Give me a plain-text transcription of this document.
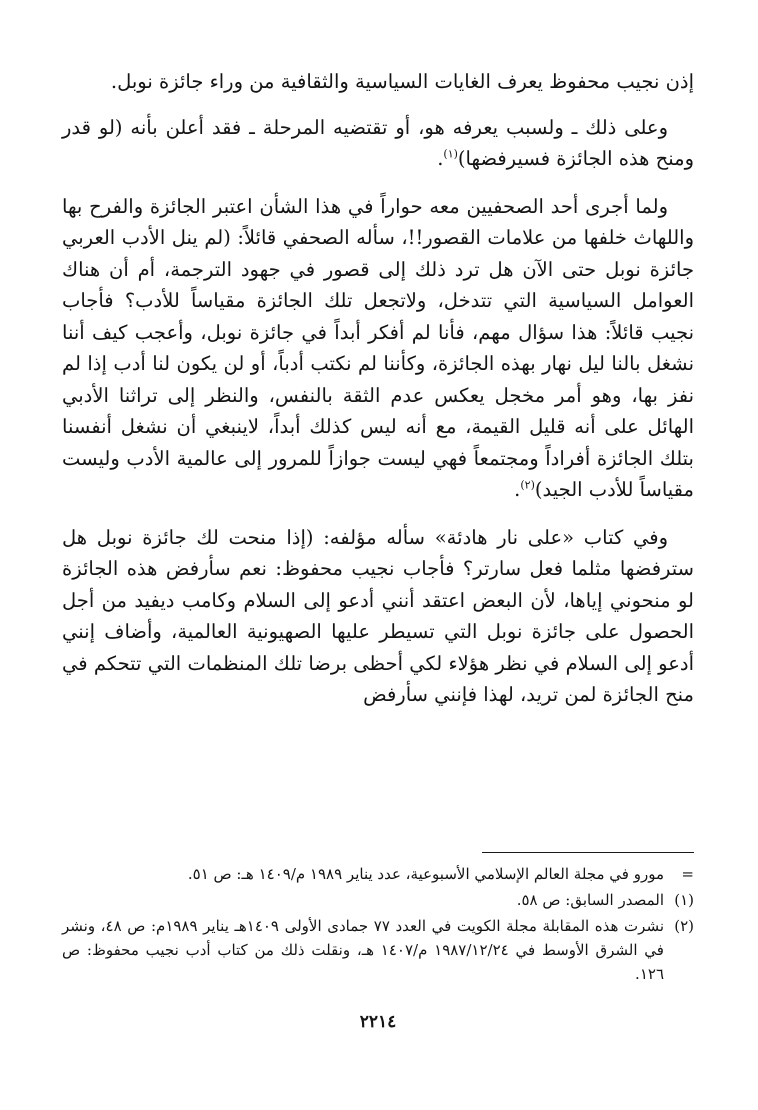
إذن نجيب محفوظ يعرف الغايات السياسية والثقافية من وراء جائزة نوبل.

وعلى ذلك ـ ولسبب يعرفه هو، أو تقتضيه المرحلة ـ فقد أعلن بأنه (لو قدر ومنح هذه الجائزة فسيرفضها)$^{(١)}$.

ولما أجرى أحد الصحفيين معه حواراً في هذا الشأن اعتبر الجائزة والفرح بها واللهاث خلفها من علامات القصور!!، سأله الصحفي قائلاً: (لم ينل الأدب العربي جائزة نوبل حتى الآن هل ترد ذلك إلى قصور في جهود الترجمة، أم أن هناك العوامل السياسية التي تتدخل، ولاتجعل تلك الجائزة مقياساً للأدب؟ فأجاب نجيب قائلاً: هذا سؤال مهم، فأنا لم أفكر أبداً في جائزة نوبل، وأعجب كيف أننا نشغل بالنا ليل نهار بهذه الجائزة، وكأننا لم نكتب أدباً، أو لن يكون لنا أدب إذا لم نفز بها، وهو أمر مخجل يعكس عدم الثقة بالنفس، والنظر إلى تراثنا الأدبي الهائل على أنه قليل القيمة، مع أنه ليس كذلك أبداً، لاينبغي أن نشغل أنفسنا بتلك الجائزة أفراداً ومجتمعاً فهي ليست جوازاً للمرور إلى عالمية الأدب وليست مقياساً للأدب الجيد)$^{(٢)}$.

وفي كتاب «على نار هادئة» سأله مؤلفه: (إذا منحت لك جائزة نوبل هل سترفضها مثلما فعل سارتر؟ فأجاب نجيب محفوظ: نعم سأرفض هذه الجائزة لو منحوني إياها، لأن البعض اعتقد أنني أدعو إلى السلام وكامب ديفيد من أجل الحصول على جائزة نوبل التي تسيطر عليها الصهيونية العالمية، وأضاف إنني أدعو إلى السلام في نظر هؤلاء لكي أحظى برضا تلك المنظمات التي تتحكم في منح الجائزة لمن تريد، لهذا فإنني سأرفض

=
مورو في مجلة العالم الإسلامي الأسبوعية، عدد يناير ١٩٨٩ م/١٤٠٩ هـ: ص ٥١.
(١)
المصدر السابق: ص ٥٨.
(٢)
نشرت هذه المقابلة مجلة الكويت في العدد ٧٧ جمادى الأولى ١٤٠٩هـ يناير ١٩٨٩م: ص ٤٨، ونشر في الشرق الأوسط في ١٩٨٧/١٢/٢٤ م/١٤٠٧ هـ، ونقلت ذلك من كتاب أدب نجيب محفوظ: ص ١٢٦.
٢٢١٤
